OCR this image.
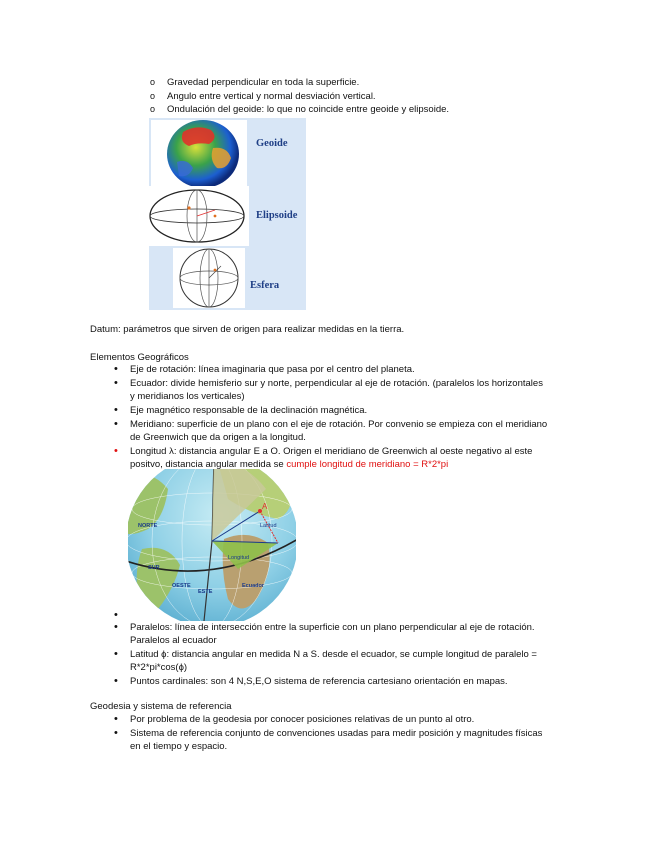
o	Gravedad perpendicular en toda la superficie.
o	Angulo entre vertical y normal desviación vertical.
o	Ondulación del geoide: lo que no coincide entre geoide y elipsoide.
Geoide
Elipsoide
Esfera
Datum: parámetros que sirven de origen para realizar medidas en la tierra.
Elementos Geográficos
• Eje de rotación: línea imaginaria que pasa por el centro del planeta.
• Ecuador: divide hemisferio sur y norte, perpendicular al eje de rotación. (paralelos los horizontales
y meridianos los verticales)
• Eje magnético responsable de la declinación magnética.
• Meridiano: superficie de un plano con el eje de rotación. Por convenio se empieza con el meridiano
de Greenwich que da origen a la longitud.
• Longitud λ: distancia angular E a O. Origen el meridiano de Greenwich al oeste negativo al este
positvo, distancia angular medida se cumple longitud de meridiano = R*2*pi
A
NORTE
SUR
OESTE
ESTE
Ecuador
Longitud
Latitud
•
• Paralelos: línea de intersección entre la superficie con un plano perpendicular al eje de rotación.
Paralelos al ecuador
• Latitud ϕ: distancia angular en medida N a S. desde el ecuador, se cumple longitud de paralelo =
R*2*pi*cos(ϕ)
• Puntos cardinales: son 4 N,S,E,O sistema de referencia cartesiano orientación en mapas.
Geodesia y sistema de referencia
• Por problema de la geodesia por conocer posiciones relativas de un punto al otro.
• Sistema de referencia conjunto de convenciones usadas para medir posición y magnitudes físicas
en el tiempo y espacio.
